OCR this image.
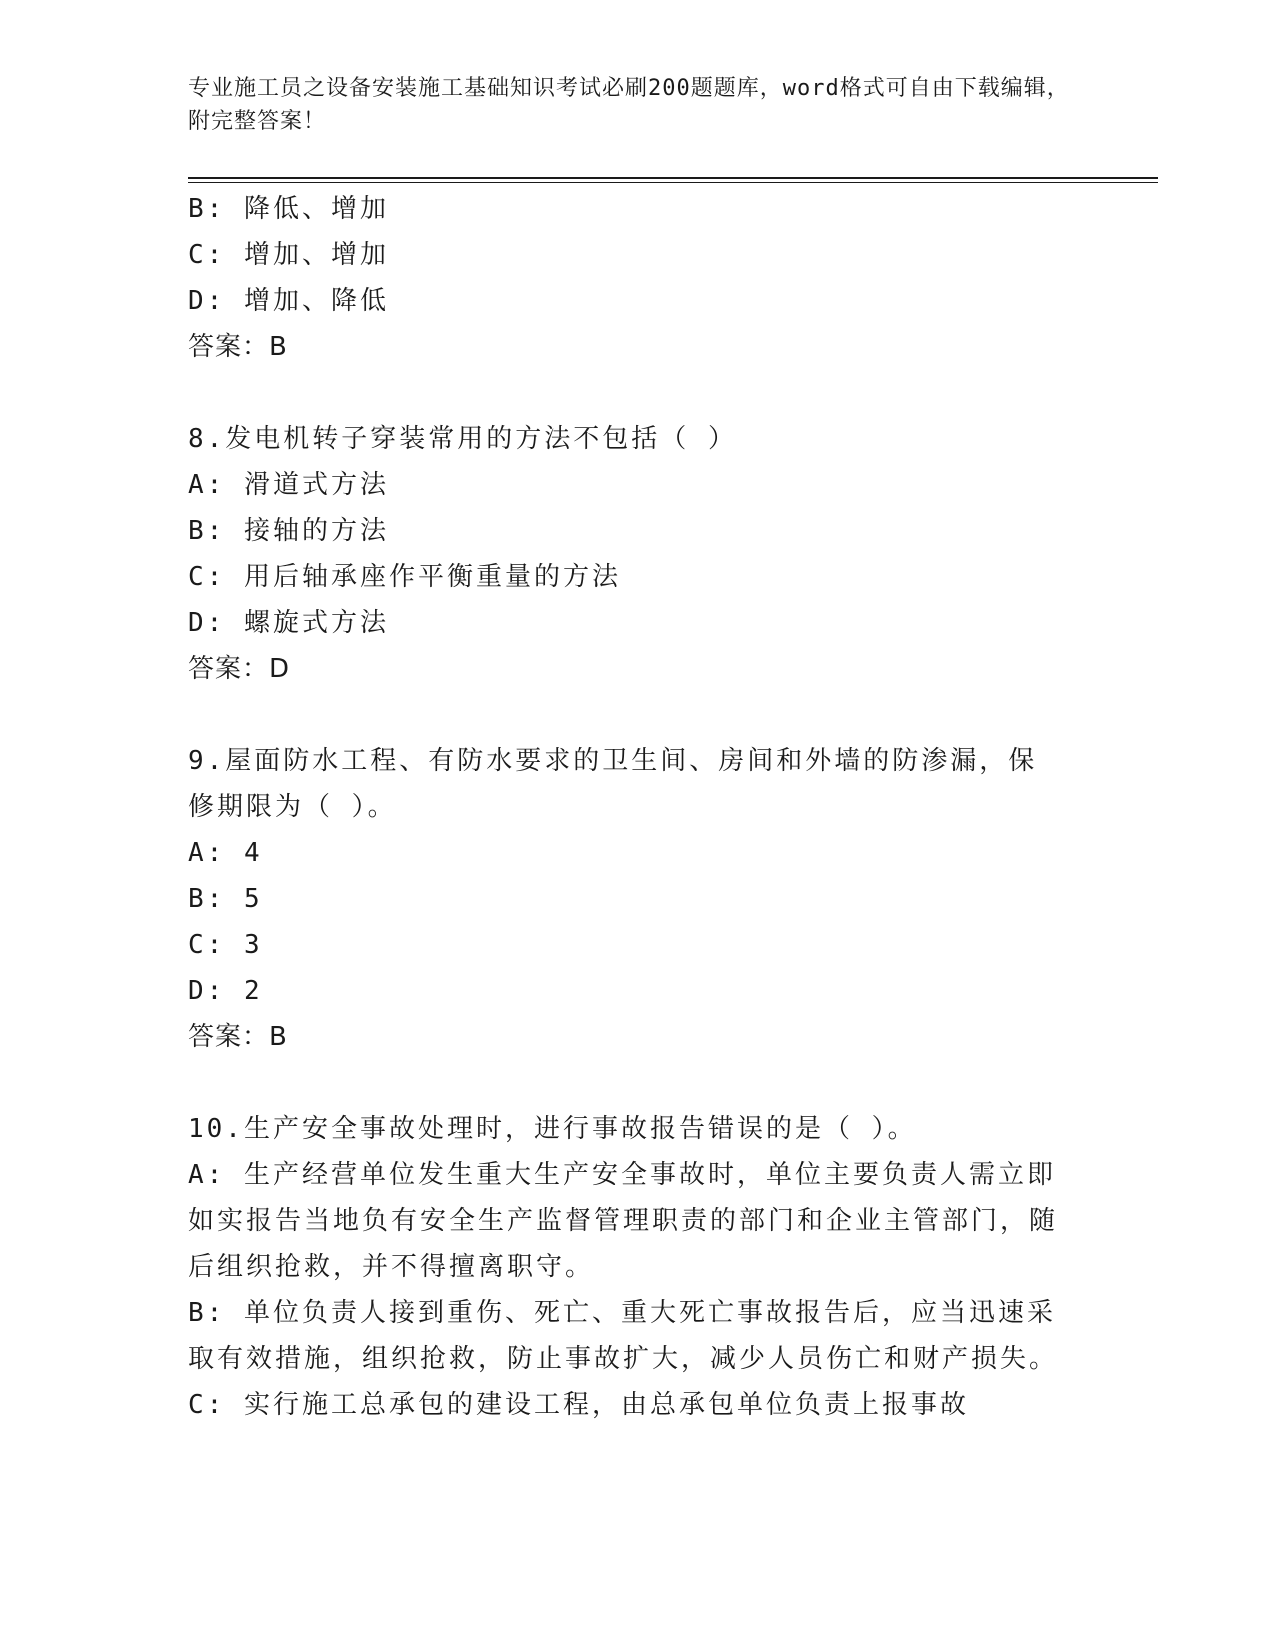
专业施工员之设备安装施工基础知识考试必刷200题题库，word格式可自由下载编辑，附完整答案！
B: 降低、增加
C: 增加、增加
D: 增加、降低
答案：B
8.发电机转子穿装常用的方法不包括（ ）
A: 滑道式方法
B: 接轴的方法
C: 用后轴承座作平衡重量的方法
D: 螺旋式方法
答案：D
9.屋面防水工程、有防水要求的卫生间、房间和外墙的防渗漏，保修期限为（ ）。
A: 4
B: 5
C: 3
D: 2
答案：B
10.生产安全事故处理时，进行事故报告错误的是（ ）。
A: 生产经营单位发生重大生产安全事故时，单位主要负责人需立即如实报告当地负有安全生产监督管理职责的部门和企业主管部门，随后组织抢救，并不得擅离职守。
B: 单位负责人接到重伤、死亡、重大死亡事故报告后，应当迅速采取有效措施，组织抢救，防止事故扩大，减少人员伤亡和财产损失。
C: 实行施工总承包的建设工程，由总承包单位负责上报事故
